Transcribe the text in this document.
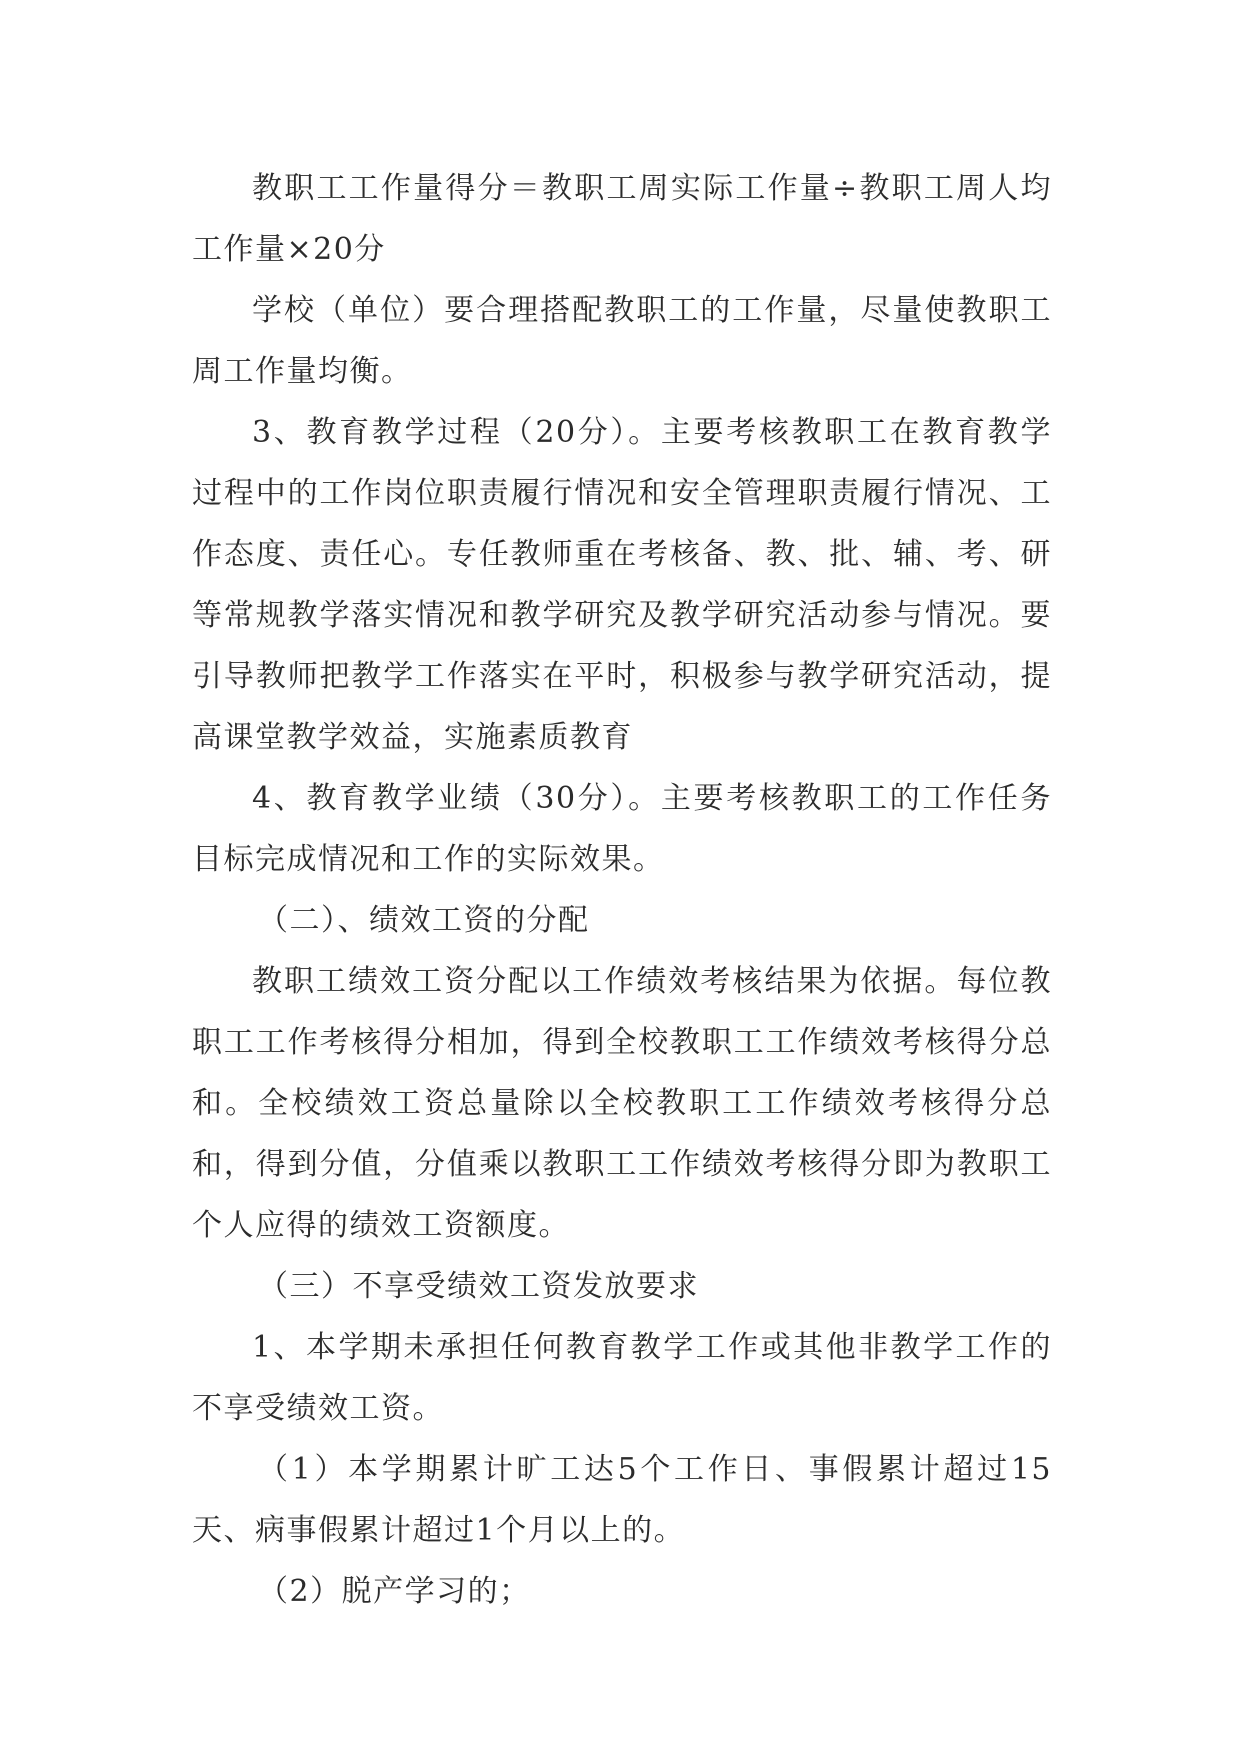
教职工工作量得分＝教职工周实际工作量÷教职工周人均工作量×20分

学校（单位）要合理搭配教职工的工作量，尽量使教职工周工作量均衡。

3、教育教学过程（20分）。主要考核教职工在教育教学过程中的工作岗位职责履行情况和安全管理职责履行情况、工作态度、责任心。专任教师重在考核备、教、批、辅、考、研等常规教学落实情况和教学研究及教学研究活动参与情况。要引导教师把教学工作落实在平时，积极参与教学研究活动，提高课堂教学效益，实施素质教育

4、教育教学业绩（30分）。主要考核教职工的工作任务目标完成情况和工作的实际效果。

（二）、绩效工资的分配

教职工绩效工资分配以工作绩效考核结果为依据。每位教职工工作考核得分相加，得到全校教职工工作绩效考核得分总和。全校绩效工资总量除以全校教职工工作绩效考核得分总和，得到分值，分值乘以教职工工作绩效考核得分即为教职工个人应得的绩效工资额度。

（三）不享受绩效工资发放要求

1、本学期未承担任何教育教学工作或其他非教学工作的不享受绩效工资。

（1）本学期累计旷工达5个工作日、事假累计超过15天、病事假累计超过1个月以上的。

（2）脱产学习的；
